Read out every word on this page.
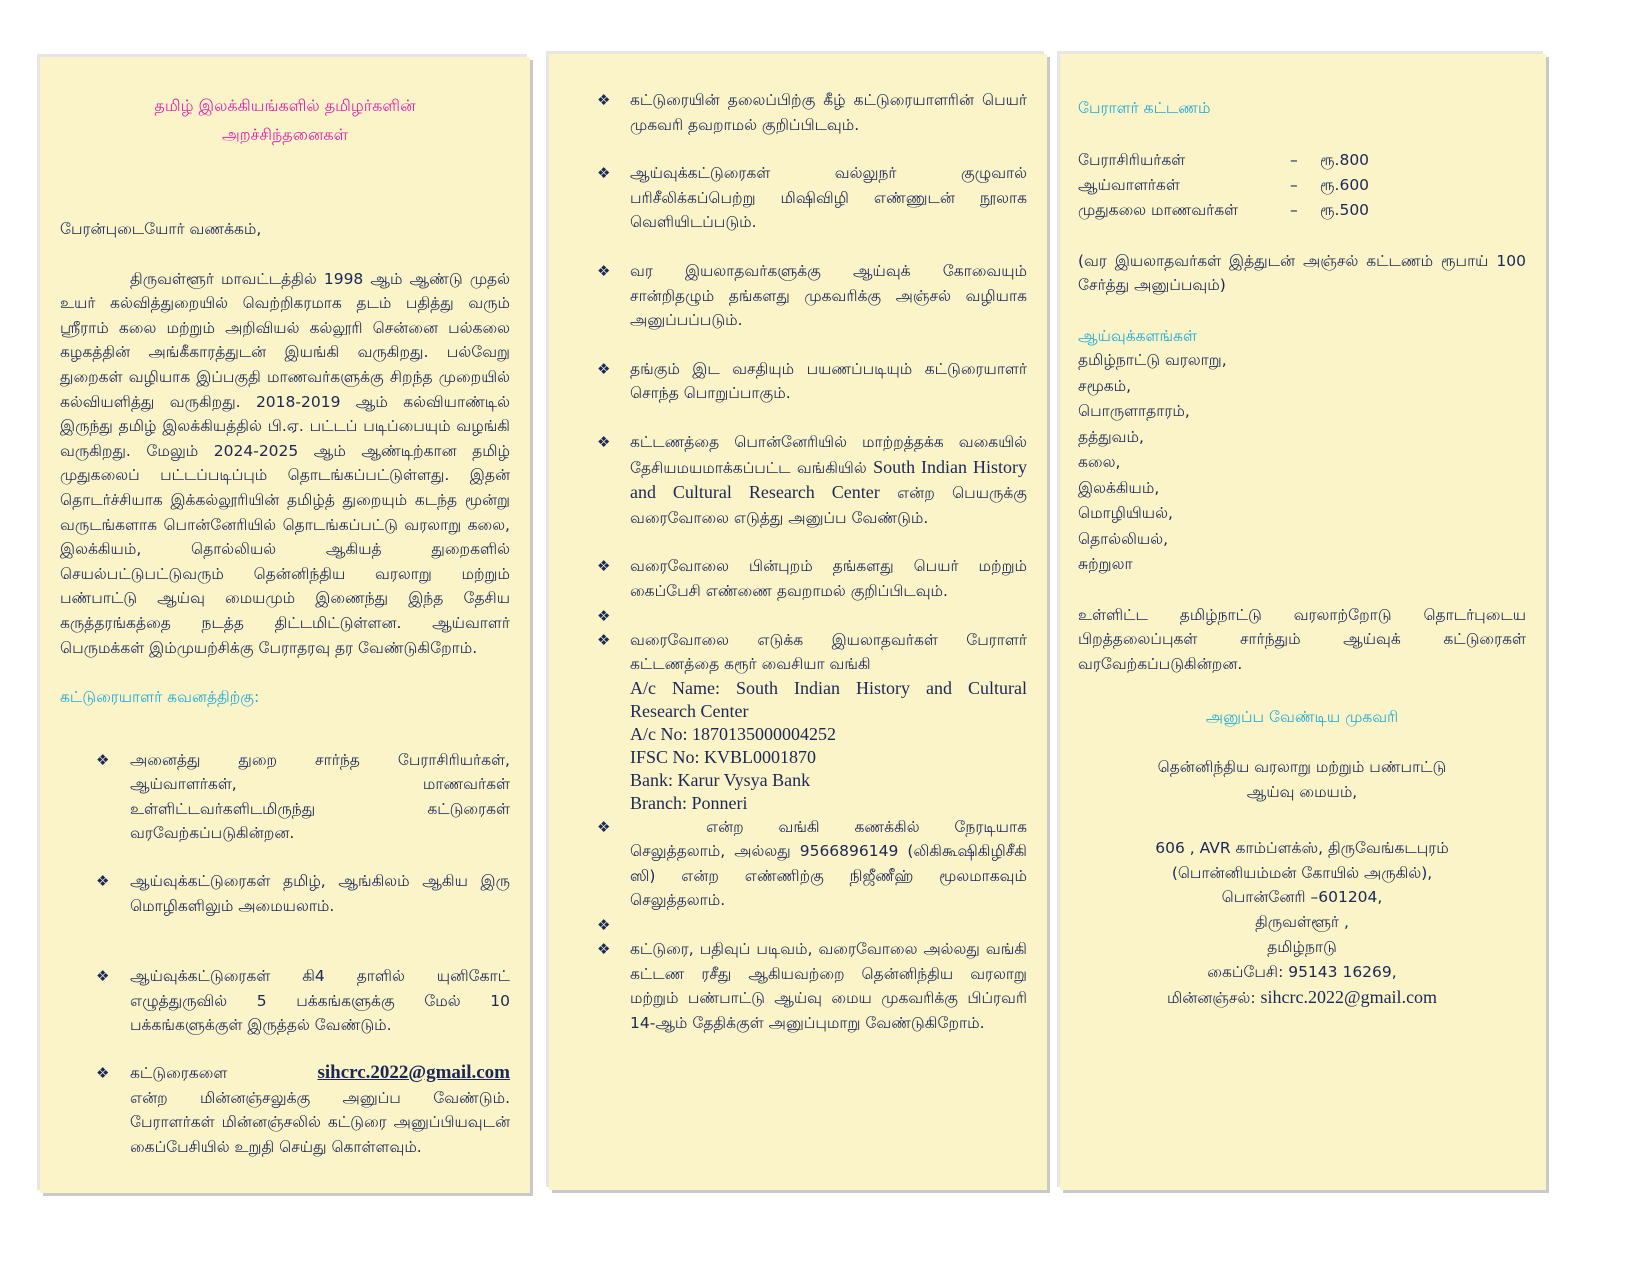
தமிழ் இலக்கியங்களில் தமிழர்களின்
அறச்சிந்தனைகள்

பேரன்புடையோர் வணக்கம்,

திருவள்ளூர் மாவட்டத்தில் 1998 ஆம் ஆண்டு முதல் உயர் கல்வித்துறையில் வெற்றிகரமாக தடம் பதித்து வரும் ஸ்ரீராம் கலை மற்றும் அறிவியல் கல்லூரி சென்னை பல்கலை கழகத்தின் அங்கீகாரத்துடன் இயங்கி வருகிறது. பல்வேறு துறைகள் வழியாக இப்பகுதி மாணவர்களுக்கு சிறந்த முறையில் கல்வியளித்து வருகிறது. 2018-2019 ஆம் கல்வியாண்டில் இருந்து தமிழ் இலக்கியத்தில் பி.ஏ. பட்டப் படிப்பையும் வழங்கி வருகிறது. மேலும் 2024-2025 ஆம் ஆண்டிற்கான தமிழ் முதுகலைப் பட்டப்படிப்பும் தொடங்கப்பட்டுள்ளது. இதன் தொடர்ச்சியாக இக்கல்லூரியின் தமிழ்த் துறையும் கடந்த மூன்று வருடங்களாக பொன்னேரியில் தொடங்கப்பட்டு வரலாறு கலை, இலக்கியம், தொல்லியல் ஆகியத் துறைகளில் செயல்பட்டுபட்டுவரும் தென்னிந்திய வரலாறு மற்றும் பண்பாட்டு ஆய்வு மையமும் இணைந்து இந்த தேசிய கருத்தரங்கத்தை நடத்த திட்டமிட்டுள்ளன. ஆய்வாளர் பெருமக்கள் இம்முயற்சிக்கு பேராதரவு தர வேண்டுகிறோம்.

கட்டுரையாளர் கவனத்திற்கு:

❖ அனைத்து துறை சார்ந்த பேராசிரியர்கள், ஆய்வாளர்கள், மாணவர்கள் உள்ளிட்டவர்களிடமிருந்து கட்டுரைகள் வரவேற்கப்படுகின்றன.
❖ ஆய்வுக்கட்டுரைகள் தமிழ், ஆங்கிலம் ஆகிய இரு மொழிகளிலும் அமையலாம்.
❖ ஆய்வுக்கட்டுரைகள் கி4 தாளில் யுனிகோட் எழுத்துருவில் 5 பக்கங்களுக்கு மேல் 10 பக்கங்களுக்குள் இருத்தல் வேண்டும்.
❖ கட்டுரைகளை	sihcrc.2022@gmail.com என்ற மின்னஞ்சலுக்கு அனுப்ப வேண்டும். பேராளர்கள் மின்னஞ்சலில் கட்டுரை அனுப்பியவுடன் கைப்பேசியில் உறுதி செய்து கொள்ளவும்.
❖ கட்டுரையின் தலைப்பிற்கு கீழ் கட்டுரையாளரின் பெயர் முகவரி தவறாமல் குறிப்பிடவும்.
❖ ஆய்வுக்கட்டுரைகள் வல்லுநர் குழுவால் பரிசீலிக்கப்பெற்று மிஷிவிழி எண்ணுடன் நூலாக வெளியிடப்படும்.
❖ வர இயலாதவர்களுக்கு ஆய்வுக் கோவையும் சான்றிதழும் தங்களது முகவரிக்கு அஞ்சல் வழியாக அனுப்பப்படும்.
❖ தங்கும் இட வசதியும் பயணப்படியும் கட்டுரையாளர் சொந்த பொறுப்பாகும்.
❖ கட்டணத்தை பொன்னேரியில் மாற்றத்தக்க வகையில் தேசியமயமாக்கப்பட்ட வங்கியில் South Indian History and Cultural Research Center என்ற பெயருக்கு வரைவோலை எடுத்து அனுப்ப வேண்டும்.
❖ வரைவோலை பின்புறம் தங்களது பெயர் மற்றும் கைப்பேசி எண்ணை தவறாமல் குறிப்பிடவும்.
❖
❖ வரைவோலை எடுக்க இயலாதவர்கள் பேராளர் கட்டணத்தை கரூர் வைசியா வங்கி
A/c Name: South Indian History and Cultural Research Center
A/c No: 1870135000004252
IFSC No: KVBL0001870
Bank: Karur Vysya Bank
Branch: Ponneri
❖	என்ற வங்கி கணக்கில் நேரடியாக செலுத்தலாம், அல்லது 9566896149 (லிகிகூஷிகிழிசீகி ஸி) என்ற எண்ணிற்கு நிஜீணீஹ் மூலமாகவும் செலுத்தலாம்.
❖
❖ கட்டுரை, பதிவுப் படிவம், வரைவோலை அல்லது வங்கி கட்டண ரசீது ஆகியவற்றை தென்னிந்திய வரலாறு மற்றும் பண்பாட்டு ஆய்வு மைய முகவரிக்கு பிப்ரவரி 14-ஆம் தேதிக்குள் அனுப்புமாறு வேண்டுகிறோம்.

பேராளர் கட்டணம்

பேராசிரியர்கள்	–	ரூ.800
ஆய்வாளர்கள்	–	ரூ.600
முதுகலை மாணவர்கள்	–	ரூ.500

(வர இயலாதவர்கள் இத்துடன் அஞ்சல் கட்டணம் ரூபாய் 100 சேர்த்து அனுப்பவும்)

ஆய்வுக்களங்கள்

தமிழ்நாட்டு வரலாறு,
சமூகம்,
பொருளாதாரம்,
தத்துவம்,
கலை,
இலக்கியம்,
மொழியியல்,
தொல்லியல்,
சுற்றுலா

உள்ளிட்ட தமிழ்நாட்டு வரலாற்றோடு தொடர்புடைய பிறத்தலைப்புகள் சார்ந்தும் ஆய்வுக் கட்டுரைகள் வரவேற்கப்படுகின்றன.

அனுப்ப வேண்டிய முகவரி

தென்னிந்திய வரலாறு மற்றும் பண்பாட்டு

ஆய்வு மையம்,

606 , AVR காம்ப்ளக்ஸ், திருவேங்கடபுரம்

(பொன்னியம்மன் கோயில் அருகில்),

பொன்னேரி –601204,

திருவள்ளூர் ,

தமிழ்நாடு

கைப்பேசி: 95143 16269,

மின்னஞ்சல்: sihcrc.2022@gmail.com
